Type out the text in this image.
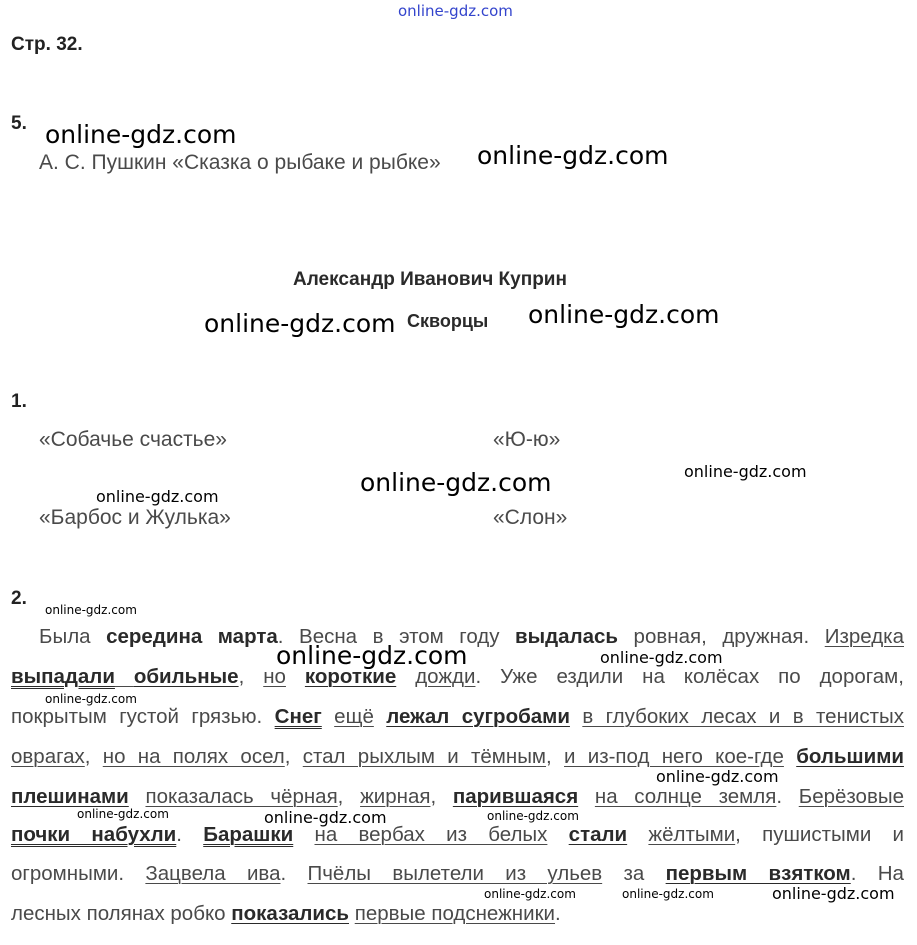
online-gdz.com
online-gdz.com
online-gdz.com
online-gdz.com	online-gdz.com
online-gdz.com
online-gdz.com
online-gdz.com
online-gdz.com
online-gdz.com	online-gdz.com
online-gdz.com
online-gdz.com
online-gdz.com	online-gdz.com	online-gdz.com
online-gdz.com	online-gdz.com	online-gdz.com
Стр. 32.
5.
А. С. Пушкин «Сказка о рыбаке и рыбке»
Александр Иванович Куприн
Скворцы
1.
«Собачье счастье»	«Ю-ю»
«Барбос и Жулька»	«Слон»
2.
Была середина марта. Весна в этом году выдалась ровная, дружная. Изредка
выпадали обильные, но короткие дожди. Уже ездили на колёсах по дорогам,
покрытым густой грязью. Снег ещё лежал сугробами в глубоких лесах и в тенистых
оврагах, но на полях осел, стал рыхлым и тёмным, и из-под него кое-где большими
плешинами показалась чёрная, жирная, парившаяся на солнце земля. Берёзовые
почки набухли. Барашки на вербах из белых стали жёлтыми, пушистыми и
огромными. Зацвела ива. Пчёлы вылетели из ульев за первым взятком. На
лесных полянах робко показались первые подснежники.
